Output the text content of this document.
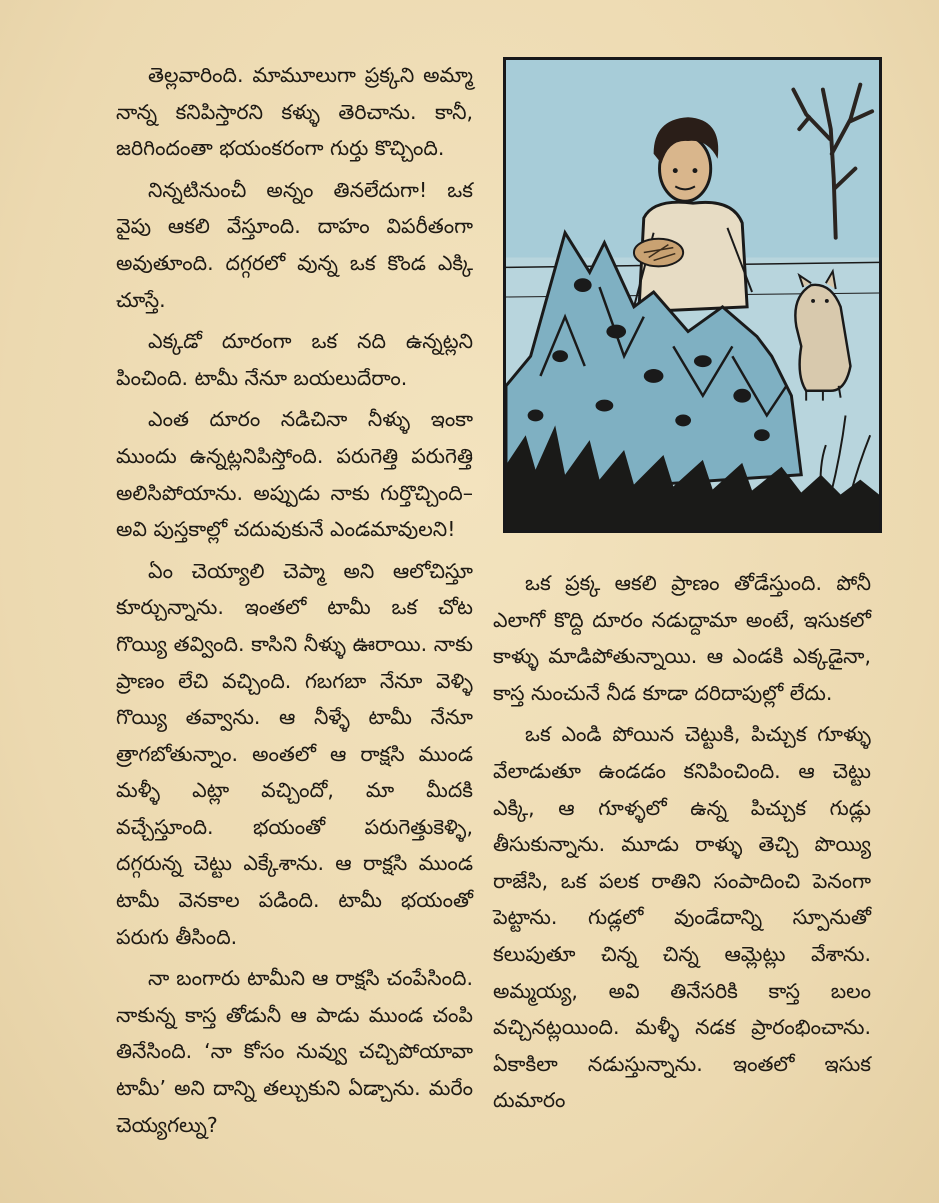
తెల్లవారింది. మామూలుగా ప్రక్కని అమ్మా నాన్న కనిపిస్తారని కళ్ళు తెరిచాను. కానీ, జరిగిందంతా భయంకరంగా గుర్తు కొచ్చింది.

నిన్నటినుంచీ అన్నం తినలేదుగా! ఒక వైపు ఆకలి వేస్తూంది. దాహం విపరీతంగా అవుతూంది. దగ్గరలో వున్న ఒక కొండ ఎక్కి చూస్తే.

ఎక్కడో దూరంగా ఒక నది ఉన్నట్లని పించింది. టామీ నేనూ బయలుదేరాం.

ఎంత దూరం నడిచినా నీళ్ళు ఇంకా ముందు ఉన్నట్లనిపిస్తోంది. పరుగెత్తి పరుగెత్తి అలిసిపోయాను. అప్పుడు నాకు గుర్తొచ్చింది–అవి పుస్తకాల్లో చదువుకునే ఎండమావులని!

ఏం చెయ్యాలి చెప్మా అని ఆలోచిస్తూ కూర్చున్నాను. ఇంతలో టామీ ఒక చోట గొయ్యి తవ్వింది. కాసిని నీళ్ళు ఊరాయి. నాకు ప్రాణం లేచి వచ్చింది. గబగబా నేనూ వెళ్ళి గొయ్యి తవ్వాను. ఆ నీళ్ళే టామీ నేనూ త్రాగబోతున్నాం. అంతలో ఆ రాక్షసి ముండ మళ్ళీ ఎట్లా వచ్చిందో, మా మీదకి వచ్చేస్తూంది. భయంతో పరుగెత్తుకెళ్ళి, దగ్గరున్న చెట్టు ఎక్కేశాను. ఆ రాక్షసి ముండ టామీ వెనకాల పడింది. టామీ భయంతో పరుగు తీసింది.

నా బంగారు టామీని ఆ రాక్షసి చంపేసింది. నాకున్న కాస్త తోడునీ ఆ పాడు ముండ చంపి తినేసింది. ‘నా కోసం నువ్వు చచ్చిపోయావా టామీ’ అని దాన్ని తల్చుకుని ఏడ్చాను. మరేం చెయ్యగల్ను?

ఒక ప్రక్క ఆకలి ప్రాణం తోడేస్తుంది. పోనీ ఎలాగో కొద్ది దూరం నడుద్దామా అంటే, ఇసుకలో కాళ్ళు మాడిపోతున్నాయి. ఆ ఎండకి ఎక్కడైనా, కాస్త నుంచునే నీడ కూడా దరిదాపుల్లో లేదు.

ఒక ఎండి పోయిన చెట్టుకి, పిచ్చుక గూళ్ళు వేలాడుతూ ఉండడం కనిపించింది. ఆ చెట్టు ఎక్కి, ఆ గూళ్ళలో ఉన్న పిచ్చుక గుడ్లు తీసుకున్నాను. మూడు రాళ్ళు తెచ్చి పొయ్యి రాజేసి, ఒక పలక రాతిని సంపాదించి పెనంగా పెట్టాను. గుడ్లలో వుండేదాన్ని స్పూనుతో కలుపుతూ చిన్న చిన్న ఆమ్లెట్లు వేశాను. అమ్మయ్య, అవి తినేసరికి కాస్త బలం వచ్చినట్లయింది. మళ్ళీ నడక ప్రారంభించాను. ఏకాకిలా నడుస్తున్నాను. ఇంతలో ఇసుక దుమారం
